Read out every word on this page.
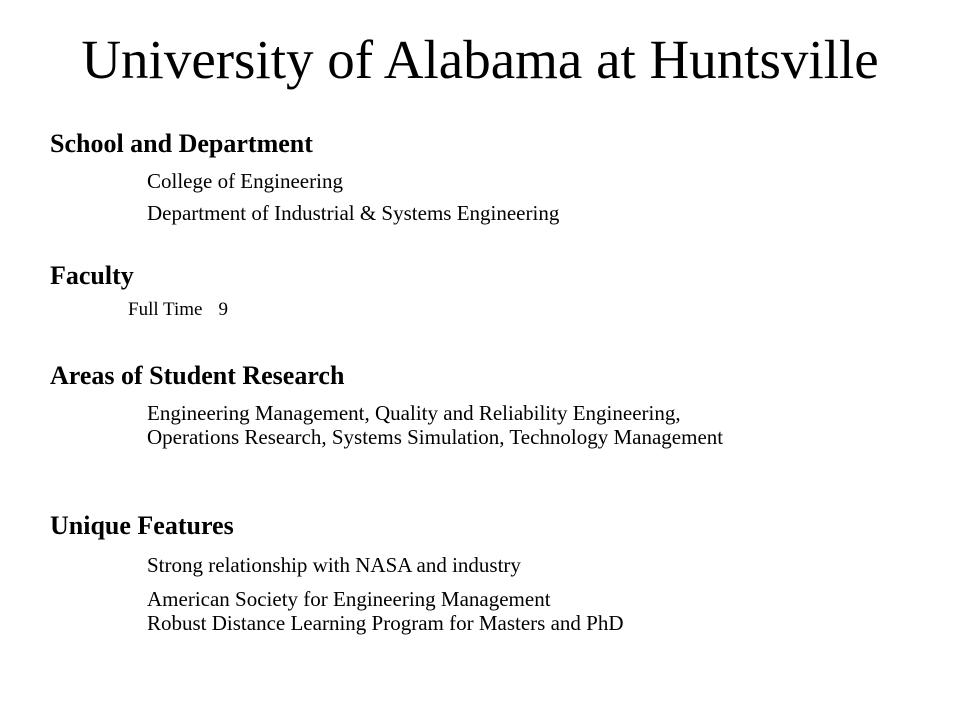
University of Alabama at Huntsville
School and Department
College of Engineering
Department of Industrial & Systems Engineering
Faculty
Full Time 9
Areas of Student Research
Engineering Management, Quality and Reliability Engineering,
Operations Research, Systems Simulation, Technology Management
Unique Features
Strong relationship with NASA and industry
American Society for Engineering Management
Robust Distance Learning Program for Masters and PhD
